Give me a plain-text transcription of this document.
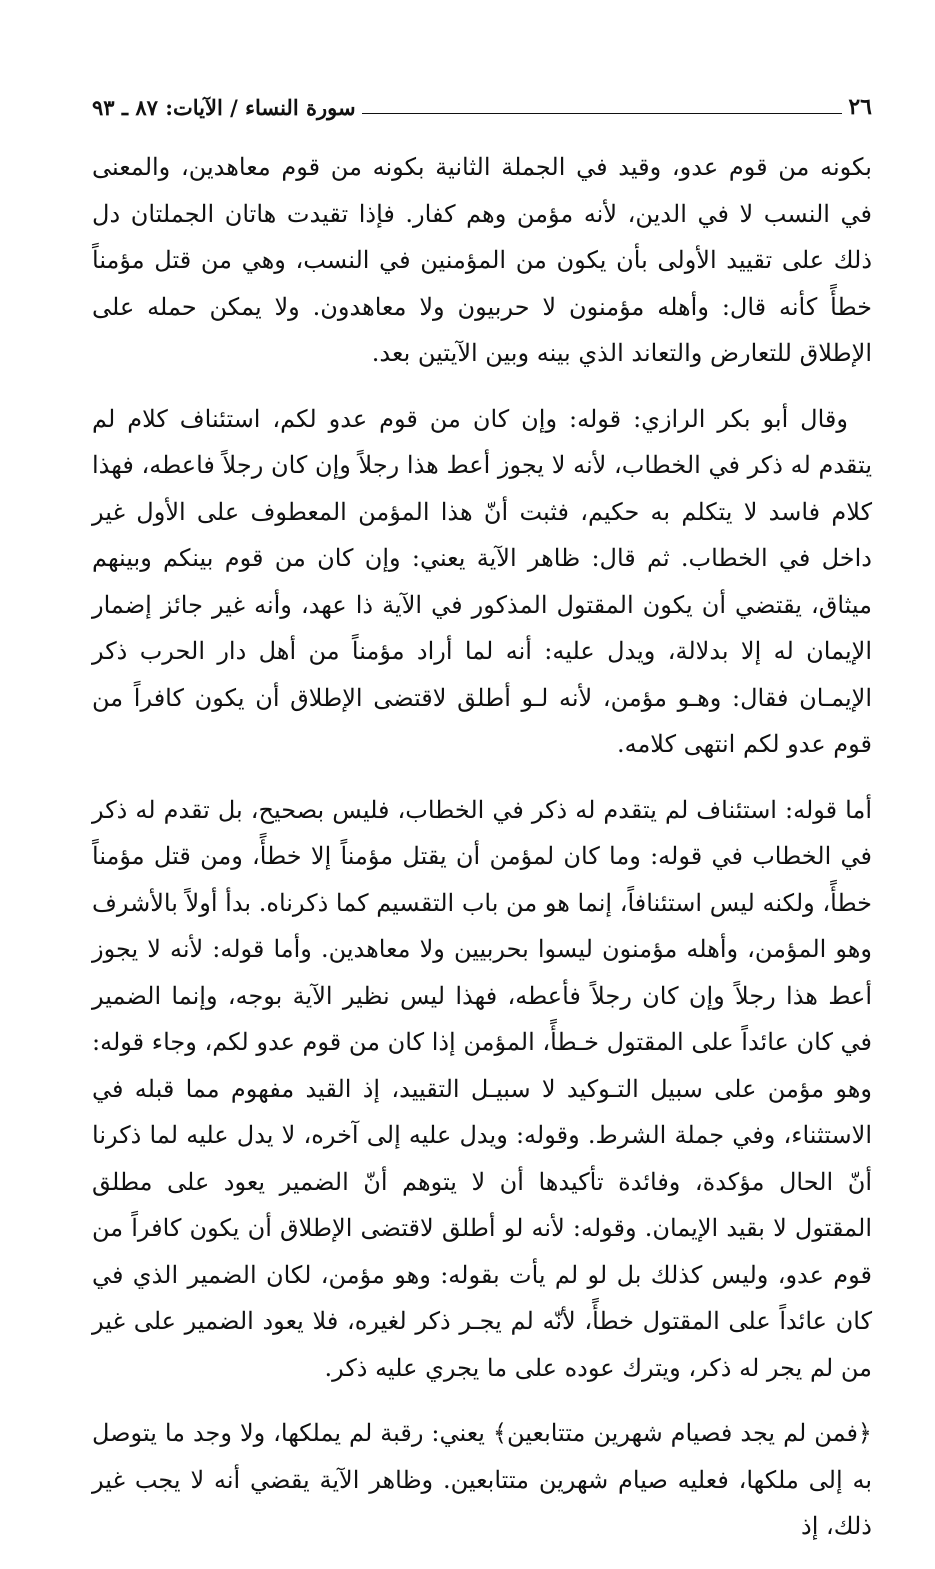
٢٦
سورة النساء / الآيات: ٨٧ ـ ٩٣

بكونه من قوم عدو، وقيد في الجملة الثانية بكونه من قوم معاهدين، والمعنى في النسب لا في الدين، لأنه مؤمن وهم كفار. فإذا تقيدت هاتان الجملتان دل ذلك على تقييد الأولى بأن يكون من المؤمنين في النسب، وهي من قتل مؤمناً خطأً كأنه قال: وأهله مؤمنون لا حربيون ولا معاهدون. ولا يمكن حمله على الإطلاق للتعارض والتعاند الذي بينه وبين الآيتين بعد.

وقال أبو بكر الرازي: قوله: وإن كان من قوم عدو لكم، استئناف كلام لم يتقدم له ذكر في الخطاب، لأنه لا يجوز أعط هذا رجلاً وإن كان رجلاً فاعطه، فهذا كلام فاسد لا يتكلم به حكيم، فثبت أنّ هذا المؤمن المعطوف على الأول غير داخل في الخطاب. ثم قال: ظاهر الآية يعني: وإن كان من قوم بينكم وبينهم ميثاق، يقتضي أن يكون المقتول المذكور في الآية ذا عهد، وأنه غير جائز إضمار الإيمان له إلا بدلالة، ويدل عليه: أنه لما أراد مؤمناً من أهل دار الحرب ذكر الإيمـان فقال: وهـو مؤمن، لأنه لـو أطلق لاقتضى الإطلاق أن يكون كافراً من قوم عدو لكم انتهى كلامه.

أما قوله: استئناف لم يتقدم له ذكر في الخطاب، فليس بصحيح، بل تقدم له ذكر في الخطاب في قوله: وما كان لمؤمن أن يقتل مؤمناً إلا خطأً، ومن قتل مؤمناً خطأً، ولكنه ليس استئنافاً، إنما هو من باب التقسيم كما ذكرناه. بدأ أولاً بالأشرف وهو المؤمن، وأهله مؤمنون ليسوا بحربيين ولا معاهدين. وأما قوله: لأنه لا يجوز أعط هذا رجلاً وإن كان رجلاً فأعطه، فهذا ليس نظير الآية بوجه، وإنما الضمير في كان عائداً على المقتول خـطأً، المؤمن إذا كان من قوم عدو لكم، وجاء قوله: وهو مؤمن على سبيل التـوكيد لا سبيـل التقييد، إذ القيد مفهوم مما قبله في الاستثناء، وفي جملة الشرط. وقوله: ويدل عليه إلى آخره، لا يدل عليه لما ذكرنا أنّ الحال مؤكدة، وفائدة تأكيدها أن لا يتوهم أنّ الضمير يعود على مطلق المقتول لا بقيد الإيمان. وقوله: لأنه لو أطلق لاقتضى الإطلاق أن يكون كافراً من قوم عدو، وليس كذلك بل لو لم يأت بقوله: وهو مؤمن، لكان الضمير الذي في كان عائداً على المقتول خطأً، لأنّه لم يجـر ذكر لغيره، فلا يعود الضمير على غير من لم يجر له ذكر، ويترك عوده على ما يجري عليه ذكر.

﴿فمن لم يجد فصيام شهرين متتابعين﴾ يعني: رقبة لم يملكها، ولا وجد ما يتوصل به إلى ملكها، فعليه صيام شهرين متتابعين. وظاهر الآية يقضي أنه لا يجب غير ذلك، إذ
